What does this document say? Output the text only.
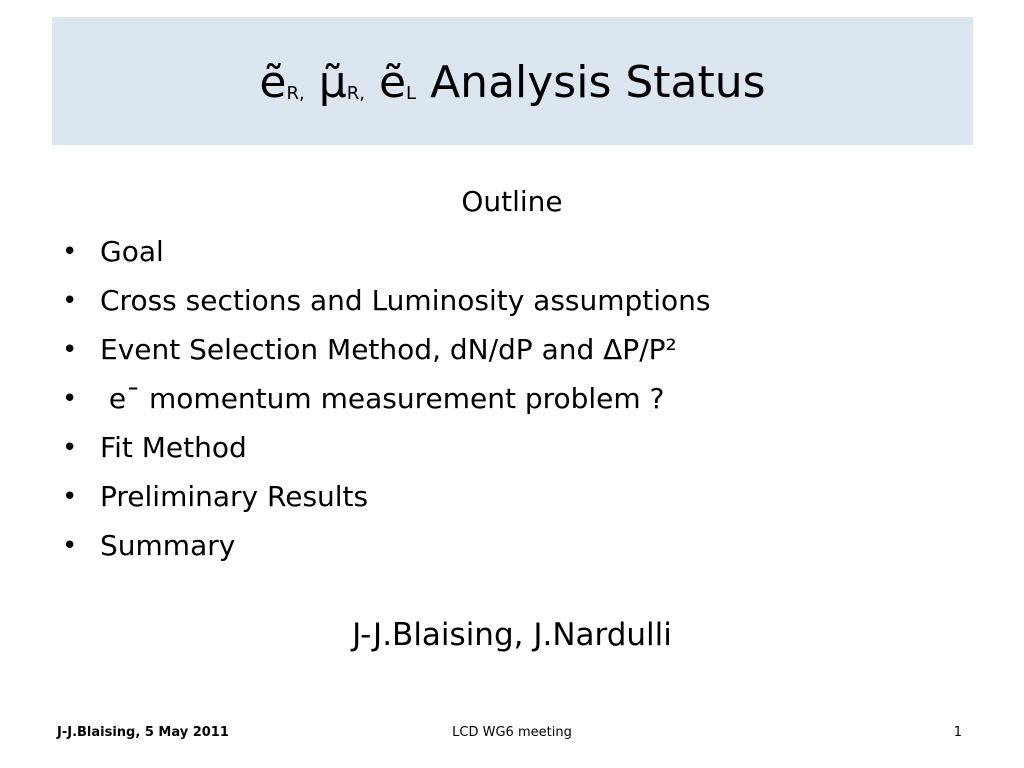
ẽR, μ̃R, ẽL Analysis Status
Outline
• Goal
• Cross sections and Luminosity assumptions
• Event Selection Method, dN/dP and ΔP/P²
• eˉ momentum measurement problem ?
• Fit Method
• Preliminary Results
• Summary
J-J.Blaising, J.Nardulli
J-J.Blaising, 5 May 2011	LCD WG6 meeting	1
